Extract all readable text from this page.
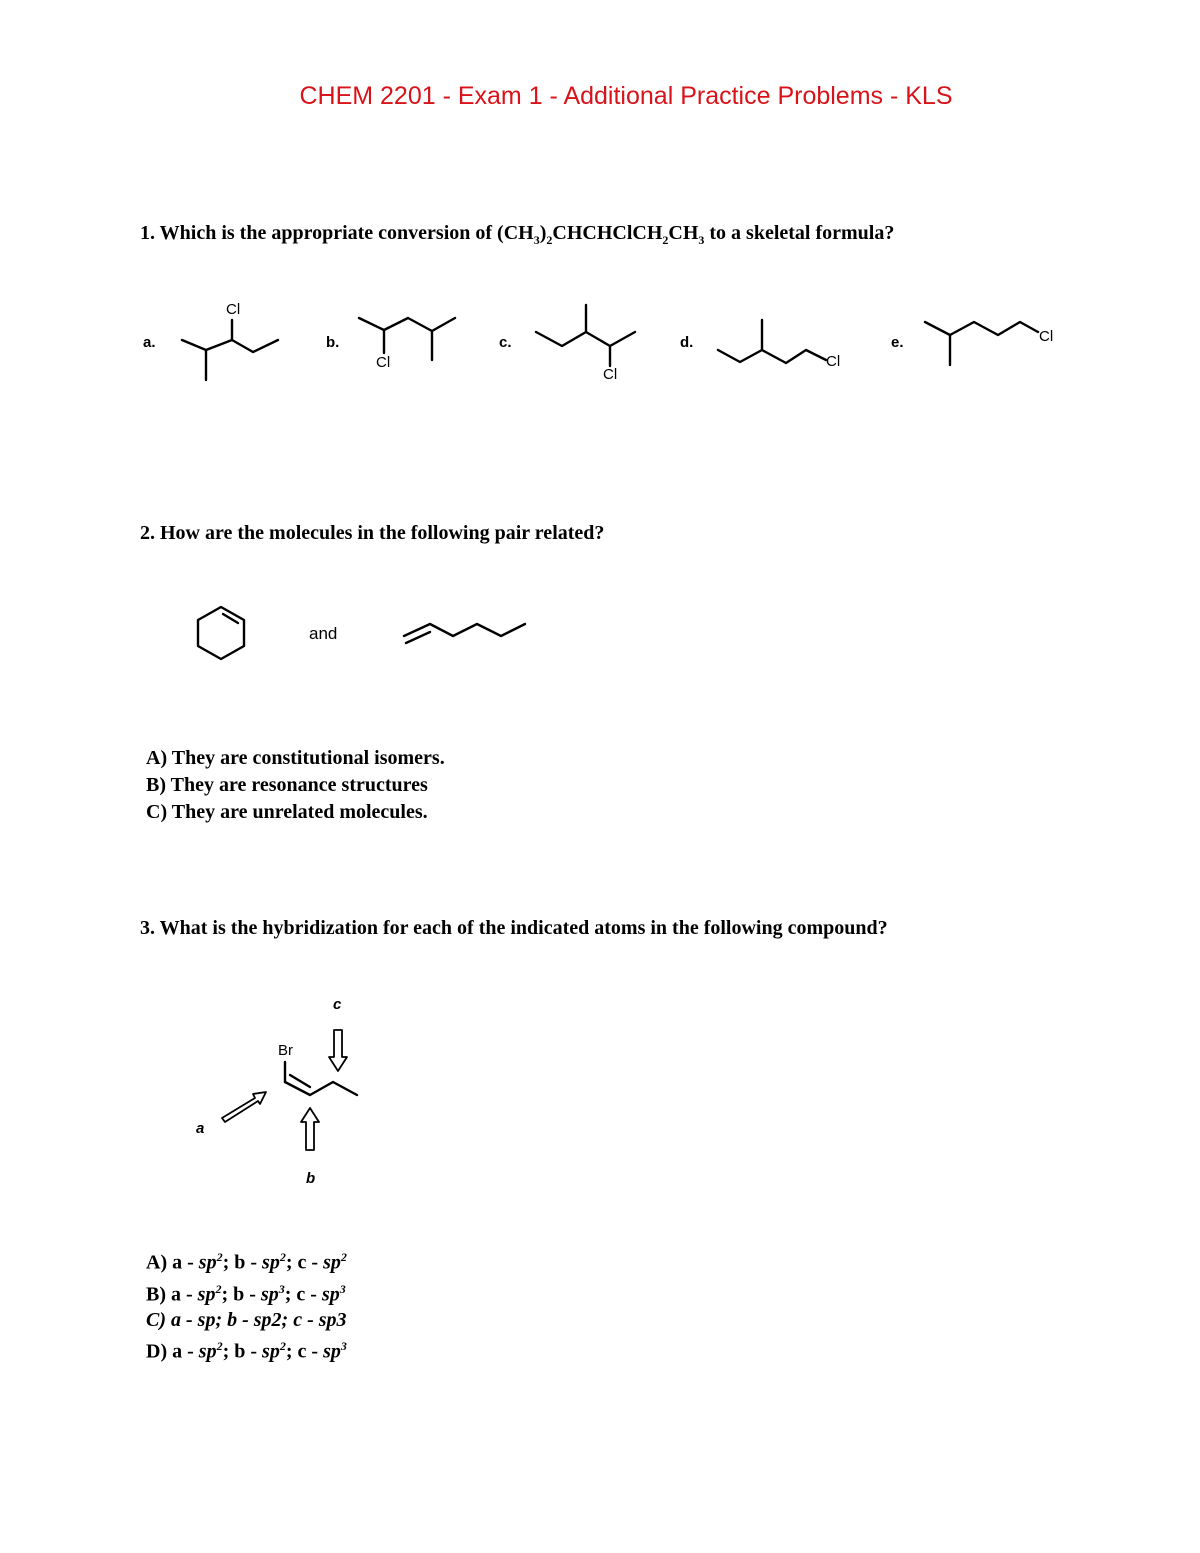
CHEM 2201 - Exam 1 - Additional Practice Problems - KLS
1. Which is the appropriate conversion of $(CH_3)_2CHCHClCH_2CH_3$ to a skeletal formula?
a.	b.	c.	d.	e.
Cl
Cl
Cl
Cl
Cl
2. How are the molecules in the following pair related?
and
A) They are constitutional isomers.
B) They are resonance structures
C) They are unrelated molecules.
3. What is the hybridization for each of the indicated atoms in the following compound?
Br
c
a
b
A) a - $sp^2$; b - $sp^2$; c - $sp^2$
B) a - $sp^2$; b - $sp^3$; c - $sp^3$
C) a - sp; b - sp2; c - sp3
D) a - $sp^2$; b - $sp^2$; c - $sp^3$
